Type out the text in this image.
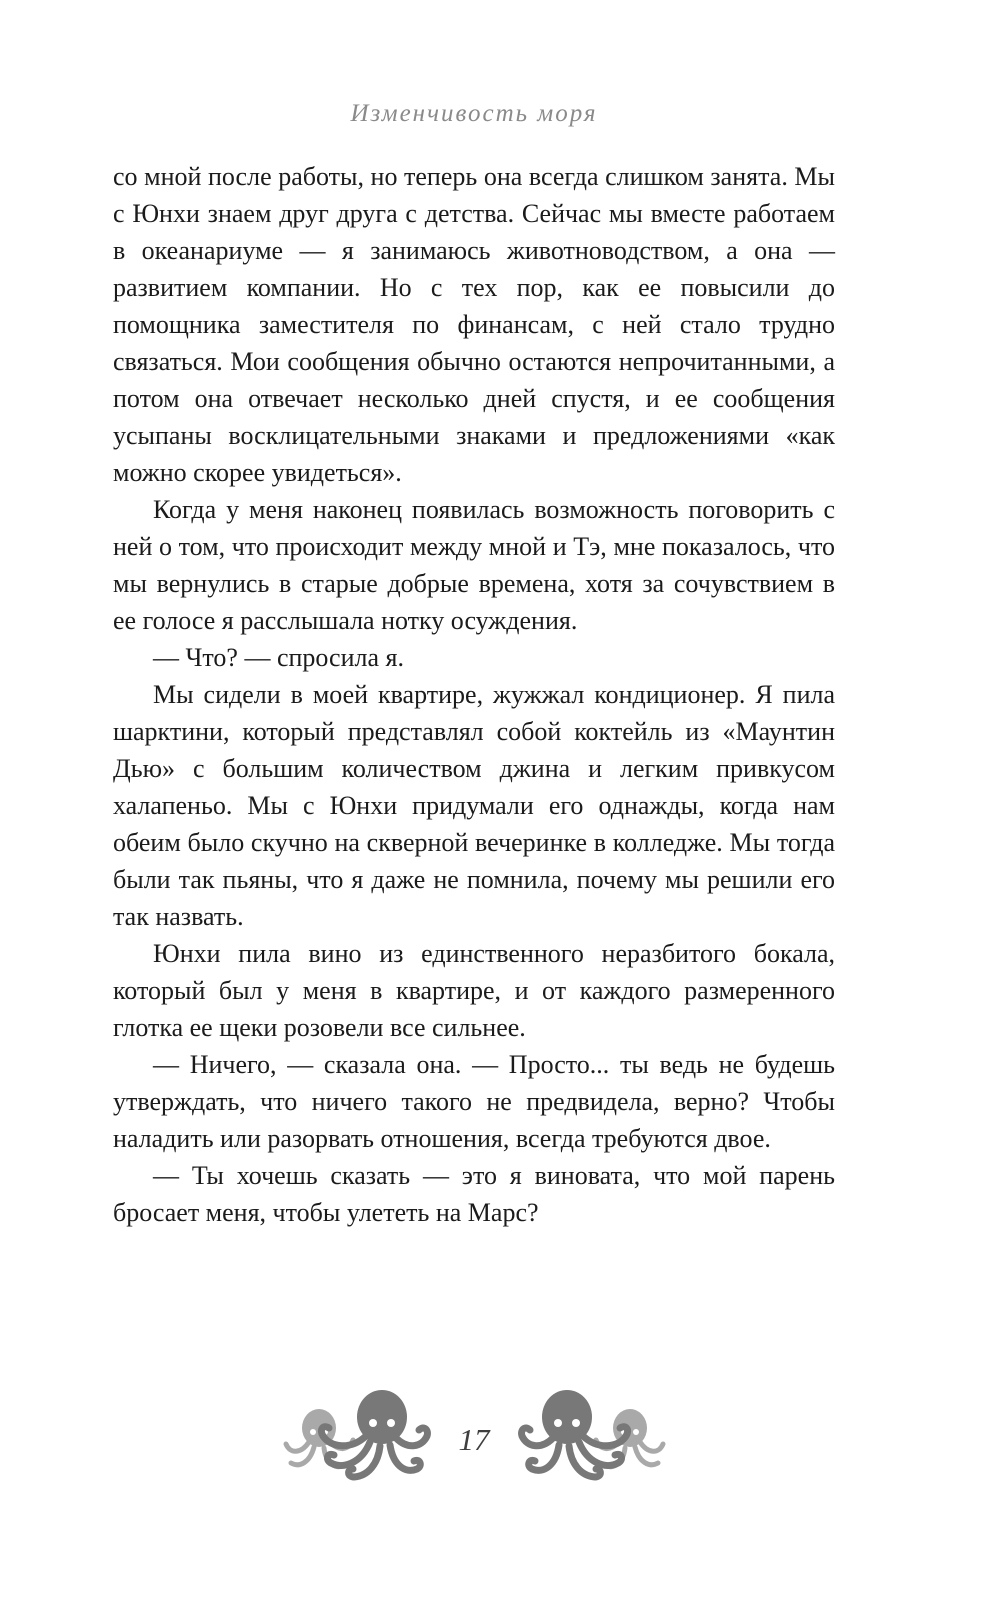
Изменчивость моря

со мной после работы, но теперь она всегда слишком занята. Мы с Юнхи знаем друг друга с детства. Сейчас мы вместе работаем в океанариуме — я занимаюсь животноводством, а она — развитием компании. Но с тех пор, как ее повысили до помощника заместителя по финансам, с ней стало трудно связаться. Мои сообщения обычно остаются непрочитанными, а потом она отвечает несколько дней спустя, и ее сообщения усыпаны восклицательными знаками и предложениями «как можно скорее увидеться».

Когда у меня наконец появилась возможность поговорить с ней о том, что происходит между мной и Тэ, мне показалось, что мы вернулись в старые добрые времена, хотя за сочувствием в ее голосе я расслышала нотку осуждения.

— Что? — спросила я.

Мы сидели в моей квартире, жужжал кондиционер. Я пила шарктини, который представлял собой коктейль из «Маунтин Дью» с большим количеством джина и легким привкусом халапеньо. Мы с Юнхи придумали его однажды, когда нам обеим было скучно на скверной вечеринке в колледже. Мы тогда были так пьяны, что я даже не помнила, почему мы решили его так назвать.

Юнхи пила вино из единственного неразбитого бокала, который был у меня в квартире, и от каждого размеренного глотка ее щеки розовели все сильнее.

— Ничего, — сказала она. — Просто... ты ведь не будешь утверждать, что ничего такого не предвидела, верно? Чтобы наладить или разорвать отношения, всегда требуются двое.

— Ты хочешь сказать — это я виновата, что мой парень бросает меня, чтобы улететь на Марс?

17
